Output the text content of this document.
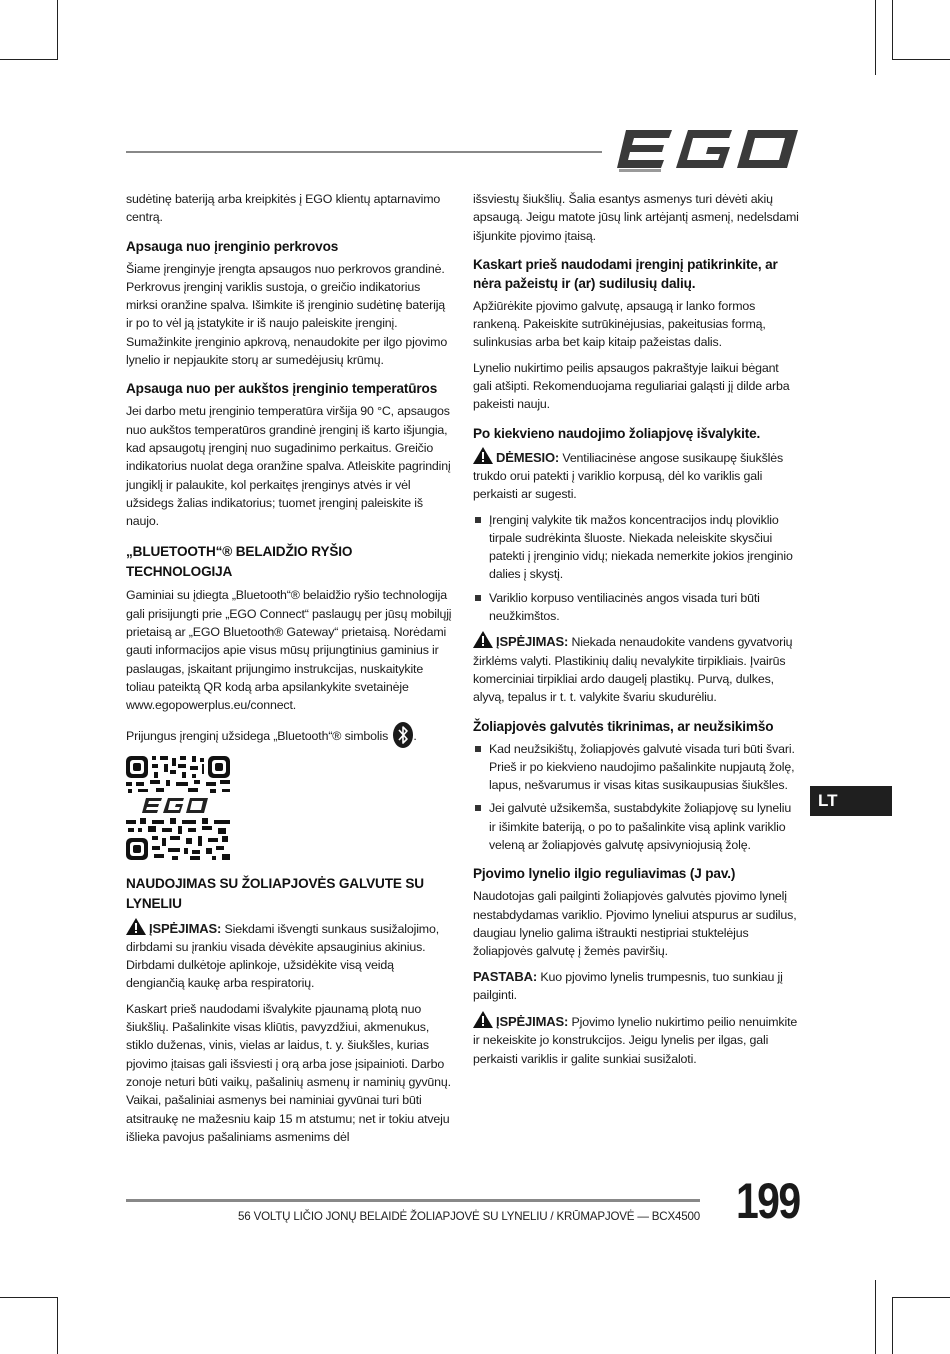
sudėtinę bateriją arba kreipkitės į EGO klientų aptarnavimo centrą.

Apsauga nuo įrenginio perkrovos

Šiame įrenginyje įrengta apsaugos nuo perkrovos grandinė. Perkrovus įrenginį variklis sustoja, o greičio indikatorius mirksi oranžine spalva. Išimkite iš įrenginio sudėtinę bateriją ir po to vėl ją įstatykite ir iš naujo paleiskite įrenginį. Sumažinkite įrenginio apkrovą, nenaudokite per ilgo pjovimo lynelio ir nepjaukite storų ar sumedėjusių krūmų.

Apsauga nuo per aukštos įrenginio temperatūros

Jei darbo metu įrenginio temperatūra viršija 90 °C, apsaugos nuo aukštos temperatūros grandinė įrenginį iš karto išjungia, kad apsaugotų įrenginį nuo sugadinimo perkaitus. Greičio indikatorius nuolat dega oranžine spalva. Atleiskite pagrindinį jungiklį ir palaukite, kol perkaitęs įrenginys atvės ir vėl užsidegs žalias indikatorius; tuomet įrenginį paleiskite iš naujo.

„BLUETOOTH“® BELAIDŽIO RYŠIO TECHNOLOGIJA

Gaminiai su įdiegta „Bluetooth“® belaidžio ryšio technologija gali prisijungti prie „EGO Connect“ paslaugų per jūsų mobilųjį prietaisą ar „EGO Bluetooth® Gateway“ prietaisą. Norėdami gauti informacijos apie visus mūsų prijungtinius gaminius ir paslaugas, įskaitant prijungimo instrukcijas, nuskaitykite toliau pateiktą QR kodą arba apsilankykite svetainėje www.egopowerplus.eu/connect.

Prijungus įrenginį užsidega „Bluetooth“® simbolis .

EGO
NAUDOJIMAS SU ŽOLIAPJOVĖS GALVUTE SU LYNELIU

ĮSPĖJIMAS: Siekdami išvengti sunkaus susižalojimo, dirbdami su įrankiu visada dėvėkite apsauginius akinius. Dirbdami dulkėtoje aplinkoje, užsidėkite visą veidą dengiančią kaukę arba respiratorių.

Kaskart prieš naudodami išvalykite pjaunamą plotą nuo šiukšlių. Pašalinkite visas kliūtis, pavyzdžiui, akmenukus, stiklo duženas, vinis, vielas ar laidus, t. y. šiukšles, kurias pjovimo įtaisas gali išsviesti į orą arba jose įsipainioti. Darbo zonoje neturi būti vaikų, pašalinių asmenų ir naminių gyvūnų. Vaikai, pašaliniai asmenys bei naminiai gyvūnai turi būti atsitraukę ne mažesniu kaip 15 m atstumu; net ir tokiu atveju išlieka pavojus pašaliniams asmenims dėl

išsviestų šiukšlių. Šalia esantys asmenys turi dėvėti akių apsaugą. Jeigu matote jūsų link artėjantį asmenį, nedelsdami išjunkite pjovimo įtaisą.

Kaskart prieš naudodami įrenginį patikrinkite, ar nėra pažeistų ir (ar) sudilusių dalių.

Apžiūrėkite pjovimo galvutę, apsaugą ir lanko formos rankeną. Pakeiskite sutrūkinėjusias, pakeitusias formą, sulinkusias arba bet kaip kitaip pažeistas dalis.

Lynelio nukirtimo peilis apsaugos pakraštyje laikui bėgant gali atšipti. Rekomenduojama reguliariai galąsti jį dilde arba pakeisti nauju.

Po kiekvieno naudojimo žoliapjovę išvalykite.

DĖMESIO: Ventiliacinėse angose susikaupę šiukšlės trukdo orui patekti į variklio korpusą, dėl ko variklis gali perkaisti ar sugesti.

Įrenginį valykite tik mažos koncentracijos indų ploviklio tirpale sudrėkinta šluoste. Niekada neleiskite skysčiui patekti į įrenginio vidų; niekada nemerkite jokios įrenginio dalies į skystį.
Variklio korpuso ventiliacinės angos visada turi būti neužkimštos.

ĮSPĖJIMAS: Niekada nenaudokite vandens gyvatvorių žirklėms valyti. Plastikinių dalių nevalykite tirpikliais. Įvairūs komerciniai tirpikliai ardo daugelį plastikų. Purvą, dulkes, alyvą, tepalus ir t. t. valykite švariu skudurėliu.

Žoliapjovės galvutės tikrinimas, ar neužsikimšo
Kad neužsikištų, žoliapjovės galvutė visada turi būti švari. Prieš ir po kiekvieno naudojimo pašalinkite nupjautą žolę, lapus, nešvarumus ir visas kitas susikaupusias šiukšles.
Jei galvutė užsikemša, sustabdykite žoliapjovę su lyneliu ir išimkite bateriją, o po to pašalinkite visą aplink variklio veleną ar žoliapjovės galvutę apsivyniojusią žolę.
Pjovimo lynelio ilgio reguliavimas (J pav.)

Naudotojas gali pailginti žoliapjovės galvutės pjovimo lynelį nestabdydamas variklio. Pjovimo lyneliui atspurus ar sudilus, daugiau lynelio galima ištraukti nestipriai stuktelėjus žoliapjovės galvutę į žemės paviršių.

PASTABA: Kuo pjovimo lynelis trumpesnis, tuo sunkiau jį pailginti.

ĮSPĖJIMAS: Pjovimo lynelio nukirtimo peilio nenuimkite ir nekeiskite jo konstrukcijos. Jeigu lynelis per ilgas, gali perkaisti variklis ir galite sunkiai susižaloti.

LT
56 VOLTŲ LIČIO JONŲ BELAIDĖ ŽOLIAPJOVĖ SU LYNELIU / KRŪMAPJOVĖ — BCX4500 199
